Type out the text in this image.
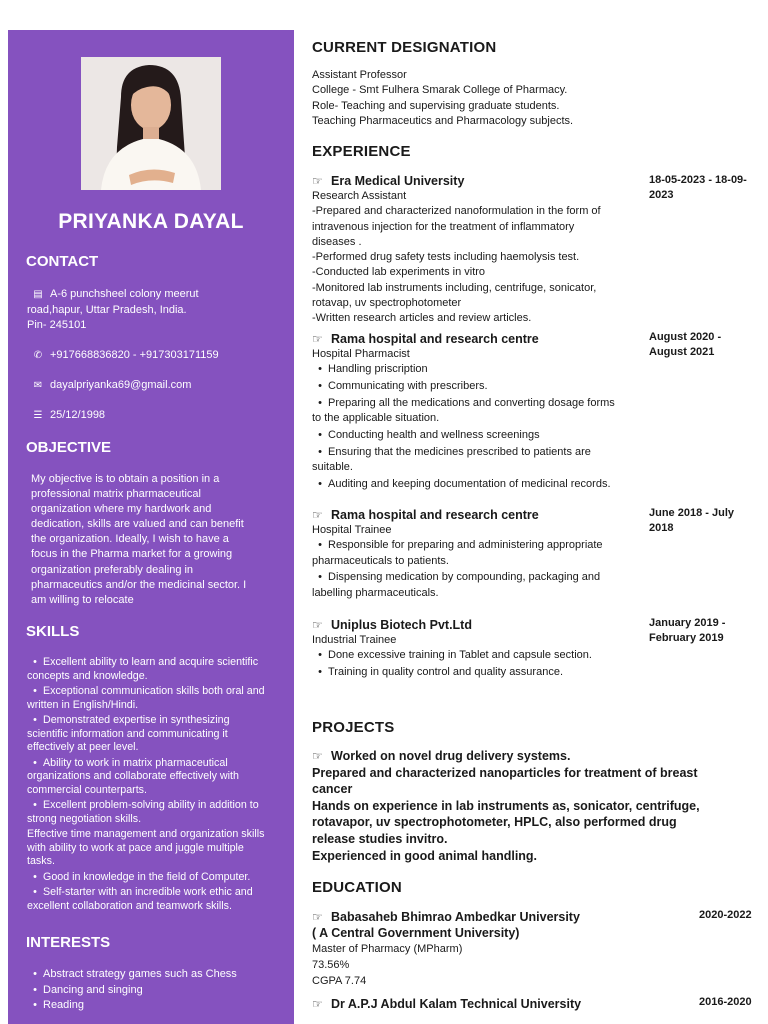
PRIYANKA DAYAL
CONTACT
▤ A-6 punchsheel colony meerut
road,hapur, Uttar Pradesh, India.
Pin- 245101
✆ +917668836820 - +917303171159
✉ dayalpriyanka69@gmail.com
☰ 25/12/1998
OBJECTIVE
My objective is to obtain a position in a
professional matrix pharmaceutical
organization where my hardwork and
dedication, skills are valued and can benefit
the organization. Ideally, I wish to have a
focus in the Pharma market for a growing
organization preferably dealing in
pharmaceutics and/or the medicinal sector. I
am willing to relocate
SKILLS
• Excellent ability to learn and acquire scientific
concepts and knowledge.
• Exceptional communication skills both oral and
written in English/Hindi.
• Demonstrated expertise in synthesizing
scientific information and communicating it
effectively at peer level.
• Ability to work in matrix pharmaceutical
organizations and collaborate effectively with
commercial counterparts.
• Excellent problem-solving ability in addition to
strong negotiation skills.
Effective time management and organization skills
with ability to work at pace and juggle multiple
tasks.
• Good in knowledge in the field of Computer.
• Self-starter with an incredible work ethic and
excellent collaboration and teamwork skills.
INTERESTS
• Abstract strategy games such as Chess
• Dancing and singing
• Reading
CURRENT DESIGNATION
Assistant Professor
College - Smt Fulhera Smarak College of Pharmacy.
Role- Teaching and supervising graduate students.
Teaching Pharmaceutics and Pharmacology subjects.
EXPERIENCE
☞ Era Medical University
Research Assistant
-Prepared and characterized nanoformulation in the form of
intravenous injection for the treatment of inflammatory
diseases .
-Performed drug safety tests including haemolysis test.
-Conducted lab experiments in vitro
-Monitored lab instruments including, centrifuge, sonicator,
rotavap, uv spectrophotometer
-Written research articles and review articles.
18-05-2023 - 18-09-
2023
☞ Rama hospital and research centre
Hospital Pharmacist
• Handling priscription
• Communicating with prescribers.
• Preparing all the medications and converting dosage forms
to the applicable situation.
• Conducting health and wellness screenings
• Ensuring that the medicines prescribed to patients are
suitable.
• Auditing and keeping documentation of medicinal records.
August 2020 -
August 2021
☞ Rama hospital and research centre
Hospital Trainee
• Responsible for preparing and administering appropriate
pharmaceuticals to patients.
• Dispensing medication by compounding, packaging and
labelling pharmaceuticals.
June 2018 - July
2018
☞ Uniplus Biotech Pvt.Ltd
Industrial Trainee
• Done excessive training in Tablet and capsule section.
• Training in quality control and quality assurance.
January 2019 -
February 2019
PROJECTS
☞ Worked on novel drug delivery systems.
Prepared and characterized nanoparticles for treatment of breast
cancer
Hands on experience in lab instruments as, sonicator, centrifuge,
rotavapor, uv spectrophotometer, HPLC, also performed drug
release studies invitro.
Experienced in good animal handling.
EDUCATION
☞ Babasaheb Bhimrao Ambedkar University
( A Central Government University)
Master of Pharmacy (MPharm)
73.56%
CGPA 7.74
2020-2022
☞ Dr A.P.J Abdul Kalam Technical University	2016-2020
